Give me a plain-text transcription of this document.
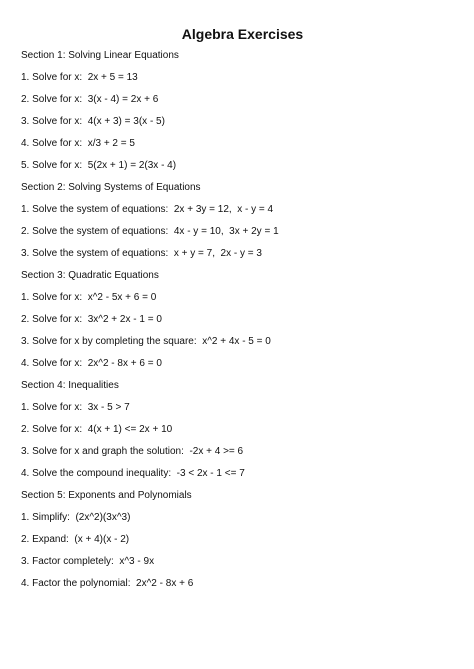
Algebra Exercises

Section 1: Solving Linear Equations

1. Solve for x:  2x + 5 = 13

2. Solve for x:  3(x - 4) = 2x + 6

3. Solve for x:  4(x + 3) = 3(x - 5)

4. Solve for x:  x/3 + 2 = 5

5. Solve for x:  5(2x + 1) = 2(3x - 4)

Section 2: Solving Systems of Equations

1. Solve the system of equations:  2x + 3y = 12,  x - y = 4

2. Solve the system of equations:  4x - y = 10,  3x + 2y = 1

3. Solve the system of equations:  x + y = 7,  2x - y = 3

Section 3: Quadratic Equations

1. Solve for x:  x^2 - 5x + 6 = 0

2. Solve for x:  3x^2 + 2x - 1 = 0

3. Solve for x by completing the square:  x^2 + 4x - 5 = 0

4. Solve for x:  2x^2 - 8x + 6 = 0

Section 4: Inequalities

1. Solve for x:  3x - 5 > 7

2. Solve for x:  4(x + 1) <= 2x + 10

3. Solve for x and graph the solution:  -2x + 4 >= 6

4. Solve the compound inequality:  -3 < 2x - 1 <= 7

Section 5: Exponents and Polynomials

1. Simplify:  (2x^2)(3x^3)

2. Expand:  (x + 4)(x - 2)

3. Factor completely:  x^3 - 9x

4. Factor the polynomial:  2x^2 - 8x + 6
